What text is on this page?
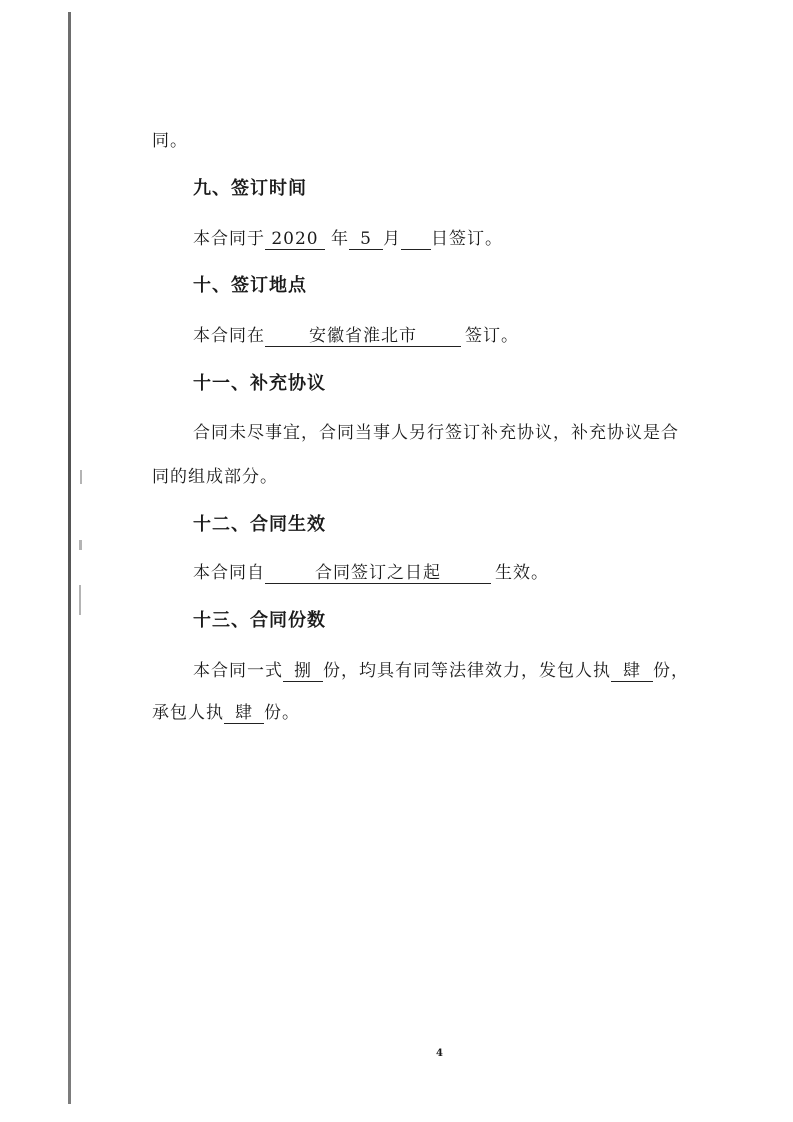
同。
九、签订时间
本合同于 2020 年 5 月 日签订。
十、签订地点
本合同在	安徽省淮北市	签订。
十一、补充协议
合同未尽事宜，合同当事人另行签订补充协议，补充协议是合
同的组成部分。
十二、合同生效
本合同自	合同签订之日起	生效。
十三、合同份数
本合同一式 捌 份，均具有同等法律效力，发包人执 肆 份，
承包人执 肆 份。
4
